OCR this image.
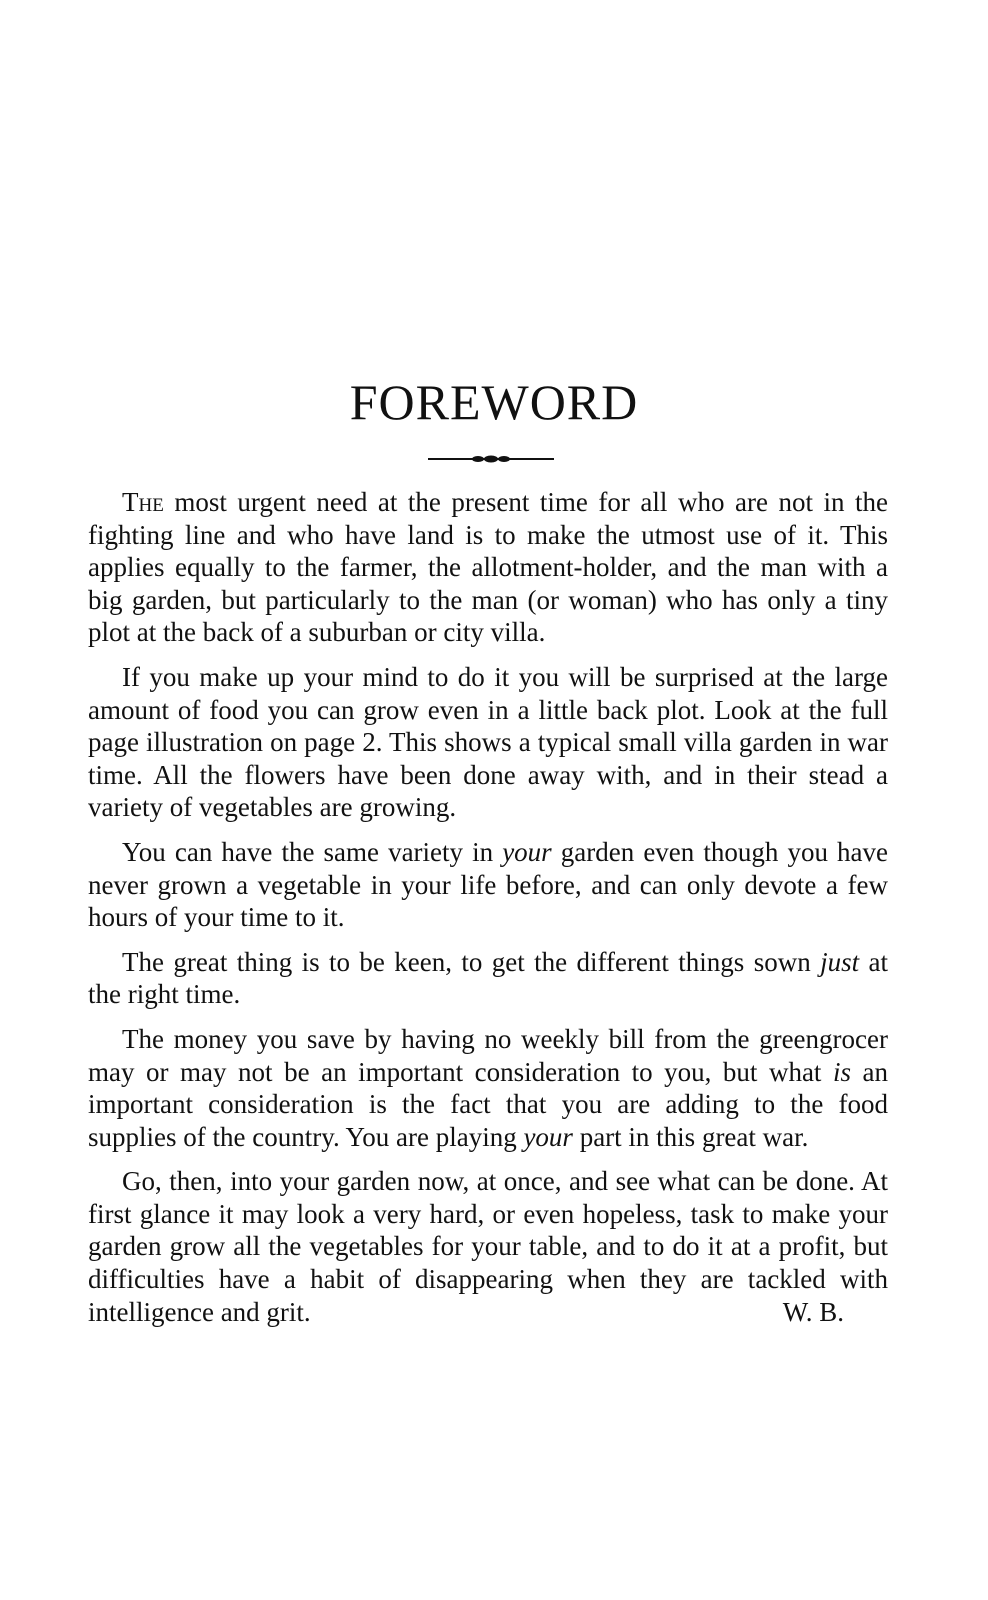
FOREWORD

The most urgent need at the present time for all who are not in the fighting line and who have land is to make the utmost use of it. This applies equally to the farmer, the allotment-holder, and the man with a big garden, but particularly to the man (or woman) who has only a tiny plot at the back of a suburban or city villa.

If you make up your mind to do it you will be surprised at the large amount of food you can grow even in a little back plot. Look at the full page illustration on page 2. This shows a typical small villa garden in war time. All the flowers have been done away with, and in their stead a variety of vegetables are growing.

You can have the same variety in your garden even though you have never grown a vegetable in your life before, and can only devote a few hours of your time to it.

The great thing is to be keen, to get the different things sown just at the right time.

The money you save by having no weekly bill from the greengrocer may or may not be an important consideration to you, but what is an important consideration is the fact that you are adding to the food supplies of the country. You are playing your part in this great war.

Go, then, into your garden now, at once, and see what can be done. At first glance it may look a very hard, or even hopeless, task to make your garden grow all the vegetables for your table, and to do it at a profit, but difficulties have a habit of disappearing when they are tackled with intelligence and grit.	W. B.
